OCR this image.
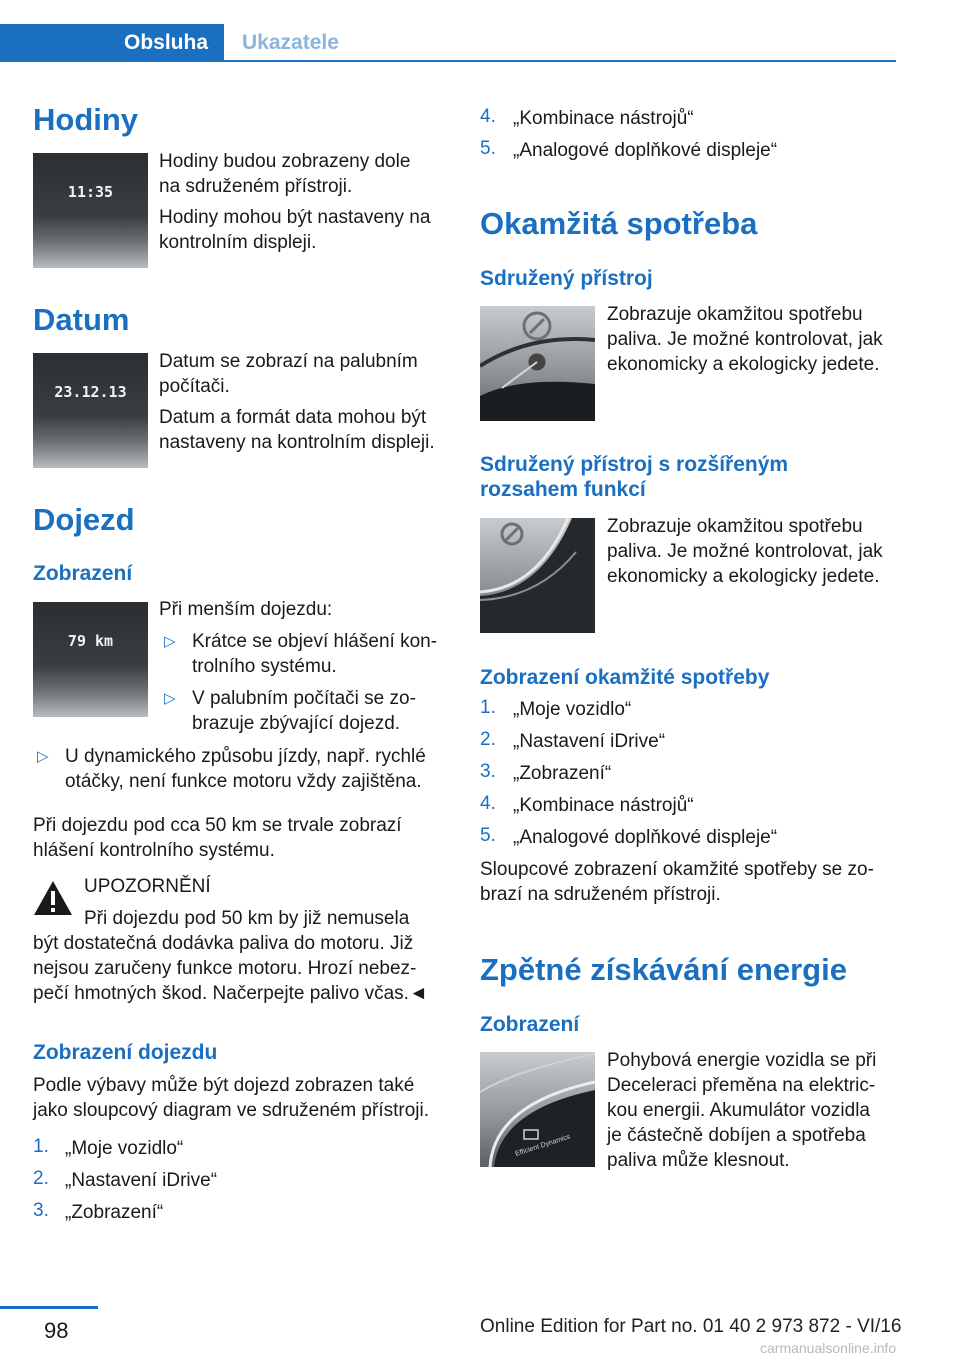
Obsluha	Ukazatele
Hodiny
11:35
Hodiny budou zobrazeny dole
na sdruženém přístroji.
Hodiny mohou být nastaveny na
kontrolním displeji.
Datum
23.12.13
Datum se zobrazí na palubním
počítači.
Datum a formát data mohou být
nastaveny na kontrolním displeji.
Dojezd
Zobrazení
79 km
Při menším dojezdu:
▷ Krátce se objeví hlášení kon‐
trolního systému.
▷ V palubním počítači se zo‐
brazuje zbývající dojezd.
▷ U dynamického způsobu jízdy, např. rychlé
otáčky, není funkce motoru vždy zajištěna.
Při dojezdu pod cca 50 km se trvale zobrazí
hlášení kontrolního systému.
UPOZORNĚNÍ
Při dojezdu pod 50 km by již nemusela
být dostatečná dodávka paliva do motoru. Již
nejsou zaručeny funkce motoru. Hrozí nebez‐
pečí hmotných škod. Načerpejte palivo včas.◄
Zobrazení dojezdu
Podle výbavy může být dojezd zobrazen také
jako sloupcový diagram ve sdruženém přístroji.
1. „Moje vozidlo“
2. „Nastavení iDrive“
3. „Zobrazení“
4. „Kombinace nástrojů“
5. „Analogové doplňkové displeje“
Okamžitá spotřeba
Sdružený přístroj
Zobrazuje okamžitou spotřebu
paliva. Je možné kontrolovat, jak
ekonomicky a ekologicky jedete.
Sdružený přístroj s rozšířeným
rozsahem funkcí
Zobrazuje okamžitou spotřebu
paliva. Je možné kontrolovat, jak
ekonomicky a ekologicky jedete.
Zobrazení okamžité spotřeby
1. „Moje vozidlo“
2. „Nastavení iDrive“
3. „Zobrazení“
4. „Kombinace nástrojů“
5. „Analogové doplňkové displeje“
Sloupcové zobrazení okamžité spotřeby se zo‐
brazí na sdruženém přístroji.
Zpětné získávání energie
Zobrazení
Efficient Dynamics
Pohybová energie vozidla se při
Deceleraci přeměna na elektric‐
kou energii. Akumulátor vozidla
je částečně dobíjen a spotřeba
paliva může klesnout.
98	Online Edition for Part no. 01 40 2 973 872 - VI/16
carmanualsonline.info
